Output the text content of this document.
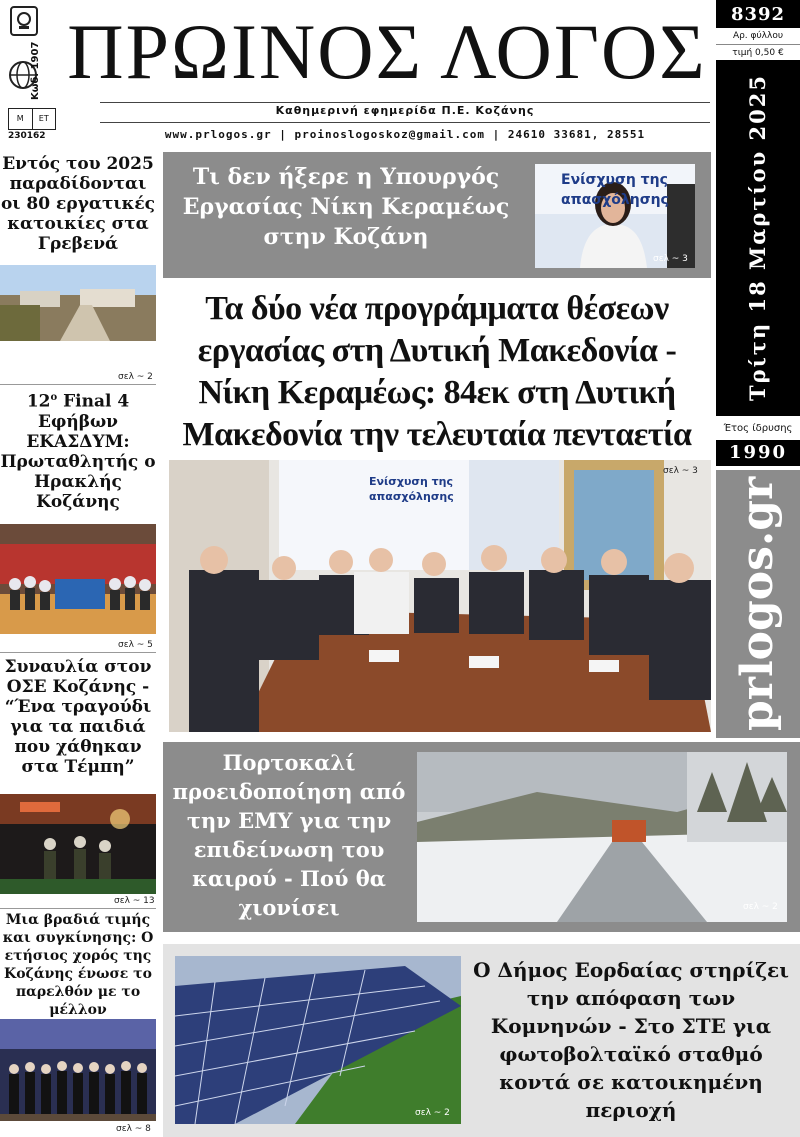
Κωδ. 1907
Μ	ΕΤ
230162
ΠΡΩΙΝΟΣ ΛΟΓΟΣ
Καθημερινή εφημερίδα Π.Ε. Κοζάνης
www.prlogos.gr | proinoslogoskoz@gmail.com | 24610 33681, 28551
8392
Αρ. φύλλου
τιμή 0,50 €
Τρίτη 18 Μαρτίου 2025
Έτος ίδρυσης
1990
prlogos.gr
Εντός του 2025 παραδίδονται οι 80 εργατικές κατοικίες στα Γρεβενά
σελ ~ 2
$12^o$ Final 4 Εφήβων ΕΚΑΣΔΥΜ: Πρωταθλητής ο Ηρακλής Κοζάνης
σελ ~ 5
Συναυλία στον ΟΣΕ Κοζάνης - “Ένα τραγούδι για τα παιδιά που χάθηκαν στα Τέμπη”
σελ ~ 13
Μια βραδιά τιμής και συγκίνησης: Ο ετήσιος χορός της Κοζάνης ένωσε το παρελθόν με το μέλλον
σελ ~ 8
Τι δεν ήξερε η Υπουργός Εργασίας Νίκη Κεραμέως στην Κοζάνη
Ενίσχυση της απασχόλησης
σελ ~ 3
Τα δύο νέα προγράμματα θέσεων εργασίας στη Δυτική Μακεδονία - Νίκη Κεραμέως: 84εκ στη Δυτική Μακεδονία την τελευταία πενταετία
Ενίσχυση της απασχόλησης
σελ ~ 3
Πορτοκαλί προειδοποίηση από την ΕΜΥ για την επιδείνωση του καιρού - Πού θα χιονίσει	σελ ~ 2
σελ ~ 2
Ο Δήμος Εορδαίας στηρίζει την απόφαση των Κομνηνών - Στο ΣΤΕ για φωτοβολταϊκό σταθμό κοντά σε κατοικημένη περιοχή
